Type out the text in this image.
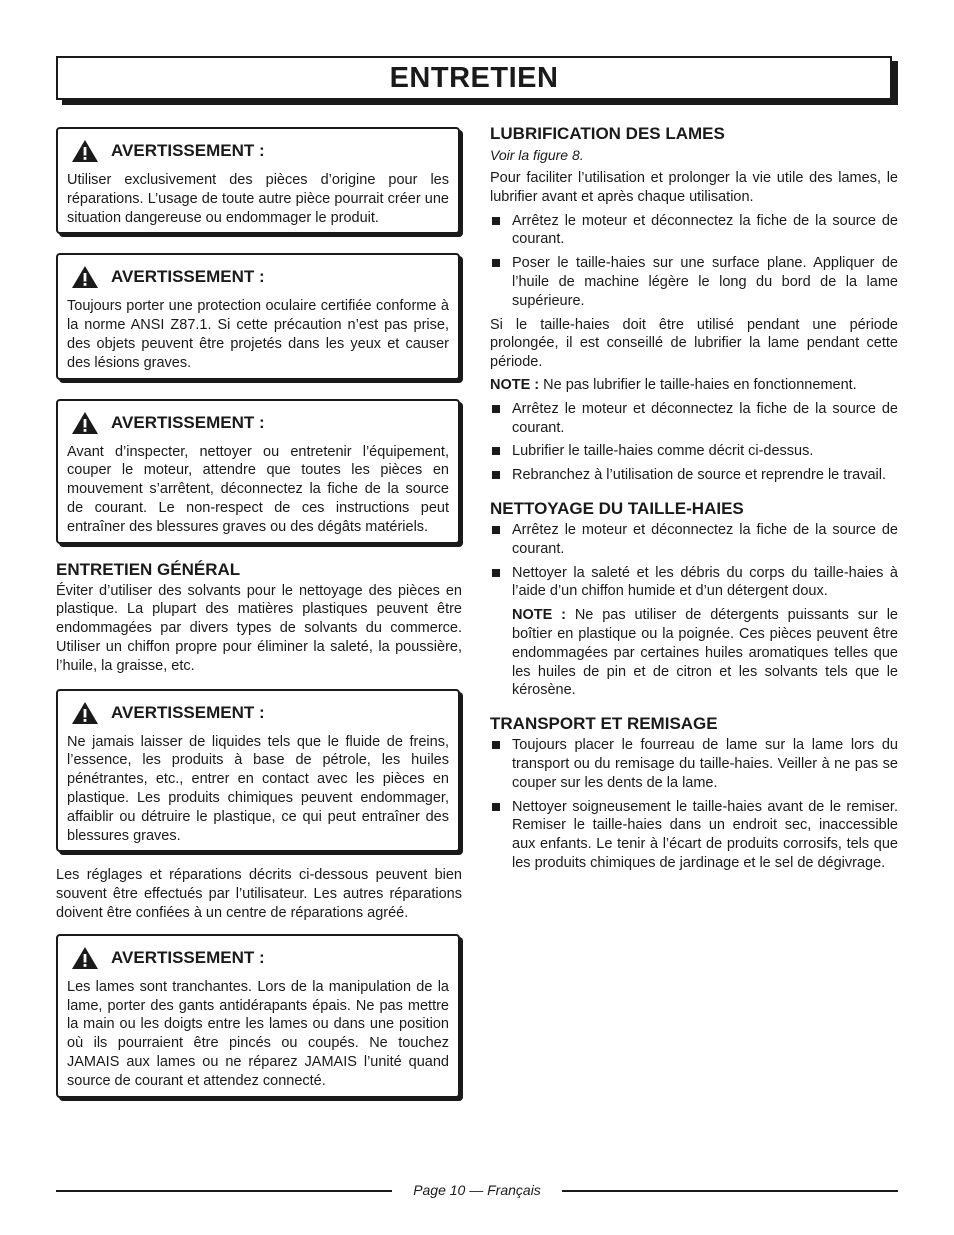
ENTRETIEN
AVERTISSEMENT :

Utiliser exclusivement des pièces d’origine pour les réparations. L’usage de toute autre pièce pourrait créer une situation dangereuse ou endommager le produit.

AVERTISSEMENT :

Toujours porter une protection oculaire certifiée conforme à la norme ANSI Z87.1. Si cette précaution n’est pas prise, des objets peuvent être projetés dans les yeux et causer des lésions graves.

AVERTISSEMENT :

Avant d’inspecter, nettoyer ou entretenir l’équipement, couper le moteur, attendre que toutes les pièces en mouvement s’arrêtent, déconnectez la fiche de la source de courant. Le non-respect de ces instructions peut entraîner des blessures graves ou des dégâts matériels.

ENTRETIEN GÉNÉRAL

Éviter d’utiliser des solvants pour le nettoyage des pièces en plastique. La plupart des matières plastiques peuvent être endommagées par divers types de solvants du commerce. Utiliser un chiffon propre pour éliminer la saleté, la poussière, l’huile, la graisse, etc.

AVERTISSEMENT :

Ne jamais laisser de liquides tels que le fluide de freins, l’essence, les produits à base de pétrole, les huiles pénétrantes, etc., entrer en contact avec les pièces en plastique. Les produits chimiques peuvent endommager, affaiblir ou détruire le plastique, ce qui peut entraîner des blessures graves.

Les réglages et réparations décrits ci-dessous peuvent bien souvent être effectués par l’utilisateur. Les autres réparations doivent être confiées à un centre de réparations agréé.

AVERTISSEMENT :

Les lames sont tranchantes. Lors de la manipulation de la lame, porter des gants antidérapants épais. Ne pas mettre la main ou les doigts entre les lames ou dans une position où ils pourraient être pincés ou coupés. Ne touchez JAMAIS aux lames ou ne réparez JAMAIS l’unité quand source de courant et attendez connecté.

LUBRIFICATION DES LAMES

Voir la figure 8.

Pour faciliter l’utilisation et prolonger la vie utile des lames, le lubrifier avant et après chaque utilisation.

Arrêtez le moteur et déconnectez la fiche de la source de courant.
Poser le taille-haies sur une surface plane. Appliquer de l’huile de machine légère le long du bord de la lame supérieure.

Si le taille-haies doit être utilisé pendant une période prolongée, il est conseillé de lubrifier la lame pendant cette période.

NOTE : Ne pas lubrifier le taille-haies en fonctionnement.

Arrêtez le moteur et déconnectez la fiche de la source de courant.
Lubrifier le taille-haies comme décrit ci-dessus.
Rebranchez à l’utilisation de source et reprendre le travail.
NETTOYAGE DU TAILLE-HAIES
Arrêtez le moteur et déconnectez la fiche de la source de courant.
Nettoyer la saleté et les débris du corps du taille-haies à l’aide d’un chiffon humide et d’un détergent doux.

NOTE : Ne pas utiliser de détergents puissants sur le boîtier en plastique ou la poignée. Ces pièces peuvent être endommagées par certaines huiles aromatiques telles que les huiles de pin et de citron et les solvants tels que le kérosène.

TRANSPORT ET REMISAGE
Toujours placer le fourreau de lame sur la lame lors du transport ou du remisage du taille-haies. Veiller à ne pas se couper sur les dents de la lame.
Nettoyer soigneusement le taille-haies avant de le remiser. Remiser le taille-haies dans un endroit sec, inaccessible aux enfants. Le tenir à l’écart de produits corrosifs, tels que les produits chimiques de jardinage et le sel de dégivrage.
Page 10 — Français
